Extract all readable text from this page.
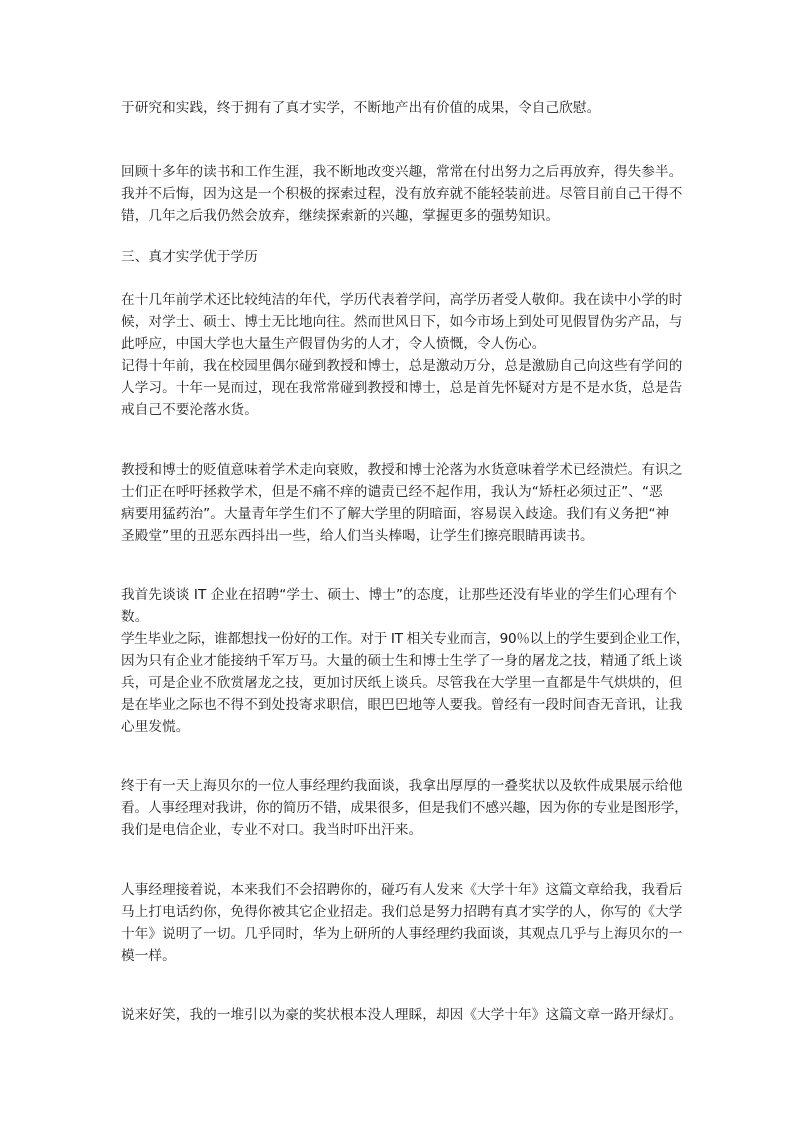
于研究和实践，终于拥有了真才实学，不断地产出有价值的成果，令自己欣慰。
回顾十多年的读书和工作生涯，我不断地改变兴趣，常常在付出努力之后再放弃，得失参半。
我并不后悔，因为这是一个积极的探索过程，没有放弃就不能轻装前进。尽管目前自己干得不
错，几年之后我仍然会放弃，继续探索新的兴趣，掌握更多的强势知识。
三、真才实学优于学历
在十几年前学术还比较纯洁的年代，学历代表着学问，高学历者受人敬仰。我在读中小学的时
候，对学士、硕士、博士无比地向往。然而世风日下，如今市场上到处可见假冒伪劣产品，与
此呼应，中国大学也大量生产假冒伪劣的人才，令人愤慨，令人伤心。
记得十年前，我在校园里偶尔碰到教授和博士，总是激动万分，总是激励自己向这些有学问的
人学习。十年一晃而过，现在我常常碰到教授和博士，总是首先怀疑对方是不是水货，总是告
戒自己不要沦落水货。
教授和博士的贬值意味着学术走向衰败，教授和博士沦落为水货意味着学术已经溃烂。有识之
士们正在呼吁拯救学术，但是不痛不痒的谴责已经不起作用，我认为“矫枉必须过正”、“恶
病要用猛药治”。大量青年学生们不了解大学里的阴暗面，容易误入歧途。我们有义务把“神
圣殿堂”里的丑恶东西抖出一些，给人们当头棒喝，让学生们擦亮眼睛再读书。
我首先谈谈 IT 企业在招聘“学士、硕士、博士”的态度，让那些还没有毕业的学生们心理有个
数。
学生毕业之际，谁都想找一份好的工作。对于 IT 相关专业而言，90％以上的学生要到企业工作，
因为只有企业才能接纳千军万马。大量的硕士生和博士生学了一身的屠龙之技，精通了纸上谈
兵，可是企业不欣赏屠龙之技，更加讨厌纸上谈兵。尽管我在大学里一直都是牛气烘烘的，但
是在毕业之际也不得不到处投寄求职信，眼巴巴地等人要我。曾经有一段时间杳无音讯，让我
心里发慌。
终于有一天上海贝尔的一位人事经理约我面谈，我拿出厚厚的一叠奖状以及软件成果展示给他
看。人事经理对我讲，你的简历不错，成果很多，但是我们不感兴趣，因为你的专业是图形学，
我们是电信企业，专业不对口。我当时吓出汗来。
人事经理接着说，本来我们不会招聘你的，碰巧有人发来《大学十年》这篇文章给我，我看后
马上打电话约你，免得你被其它企业招走。我们总是努力招聘有真才实学的人，你写的《大学
十年》说明了一切。几乎同时，华为上研所的人事经理约我面谈，其观点几乎与上海贝尔的一
模一样。
说来好笑，我的一堆引以为豪的奖状根本没人理睬，却因《大学十年》这篇文章一路开绿灯。
